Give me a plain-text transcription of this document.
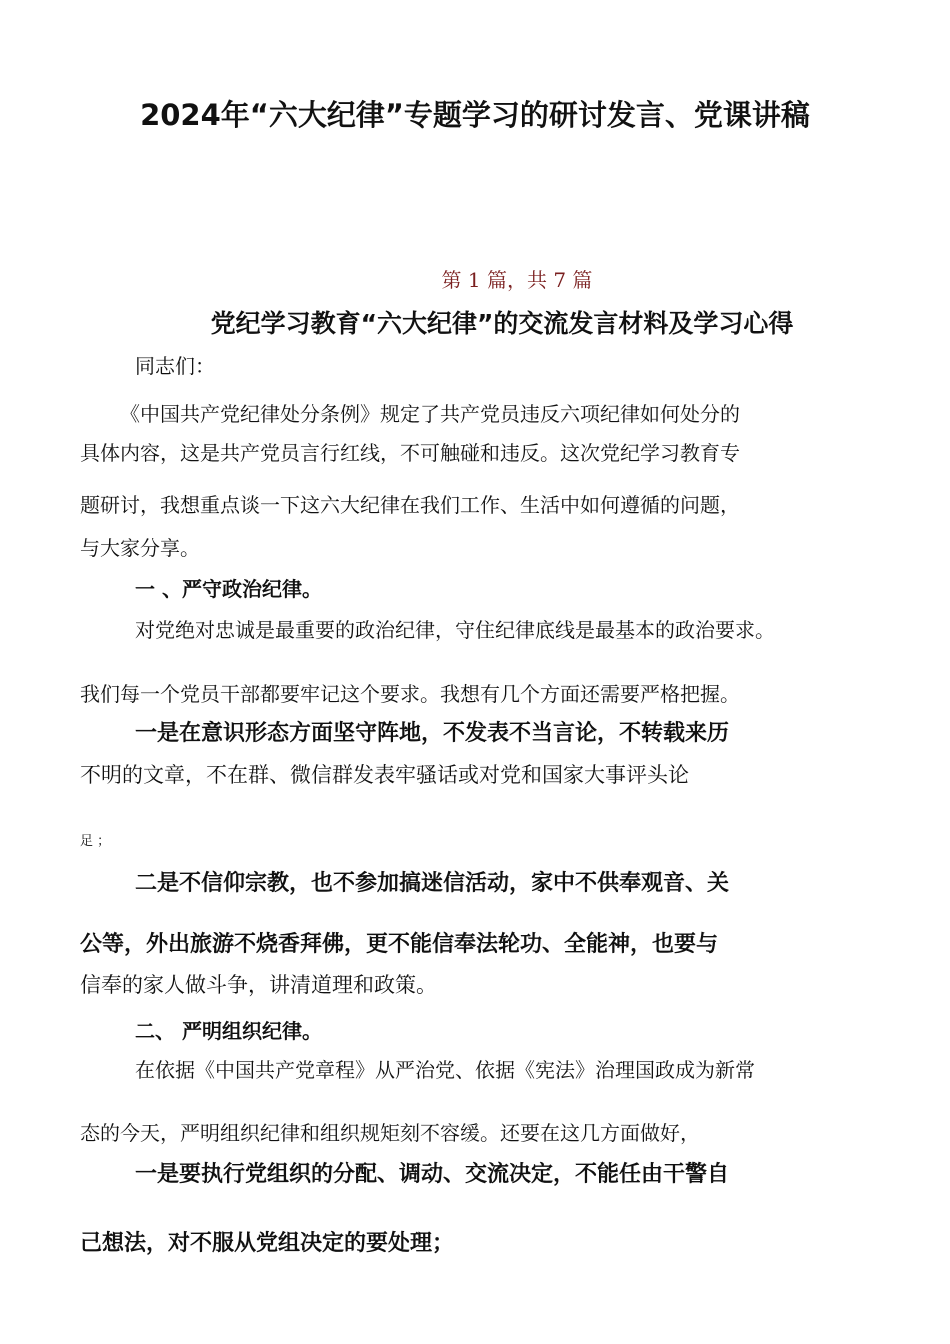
2024年“六大纪律”专题学习的研讨发言、党课讲稿

第 1 篇，共 7 篇

党纪学习教育“六大纪律”的交流发言材料及学习心得

同志们：

《中国共产党纪律处分条例》规定了共产党员违反六项纪律如何处分的

具体内容，这是共产党员言行红线，不可触碰和违反。这次党纪学习教育专

题研讨，我想重点谈一下这六大纪律在我们工作、生活中如何遵循的问题，

与大家分享。

一 、严守政治纪律。

对党绝对忠诚是最重要的政治纪律，守住纪律底线是最基本的政治要求。

我们每一个党员干部都要牢记这个要求。我想有几个方面还需要严格把握。

一是在意识形态方面坚守阵地，不发表不当言论，不转载来历

不明的文章，不在群、微信群发表牢骚话或对党和国家大事评头论

足 ；

二是不信仰宗教，也不参加搞迷信活动，家中不供奉观音、关

公等，外出旅游不烧香拜佛，更不能信奉法轮功、全能神，也要与

信奉的家人做斗争，讲清道理和政策。

二、 严明组织纪律。

在依据《中国共产党章程》从严治党、依据《宪法》治理国政成为新常

态的今天，严明组织纪律和组织规矩刻不容缓。还要在这几方面做好，

一是要执行党组织的分配、调动、交流决定，不能任由干警自

己想法，对不服从党组决定的要处理；
